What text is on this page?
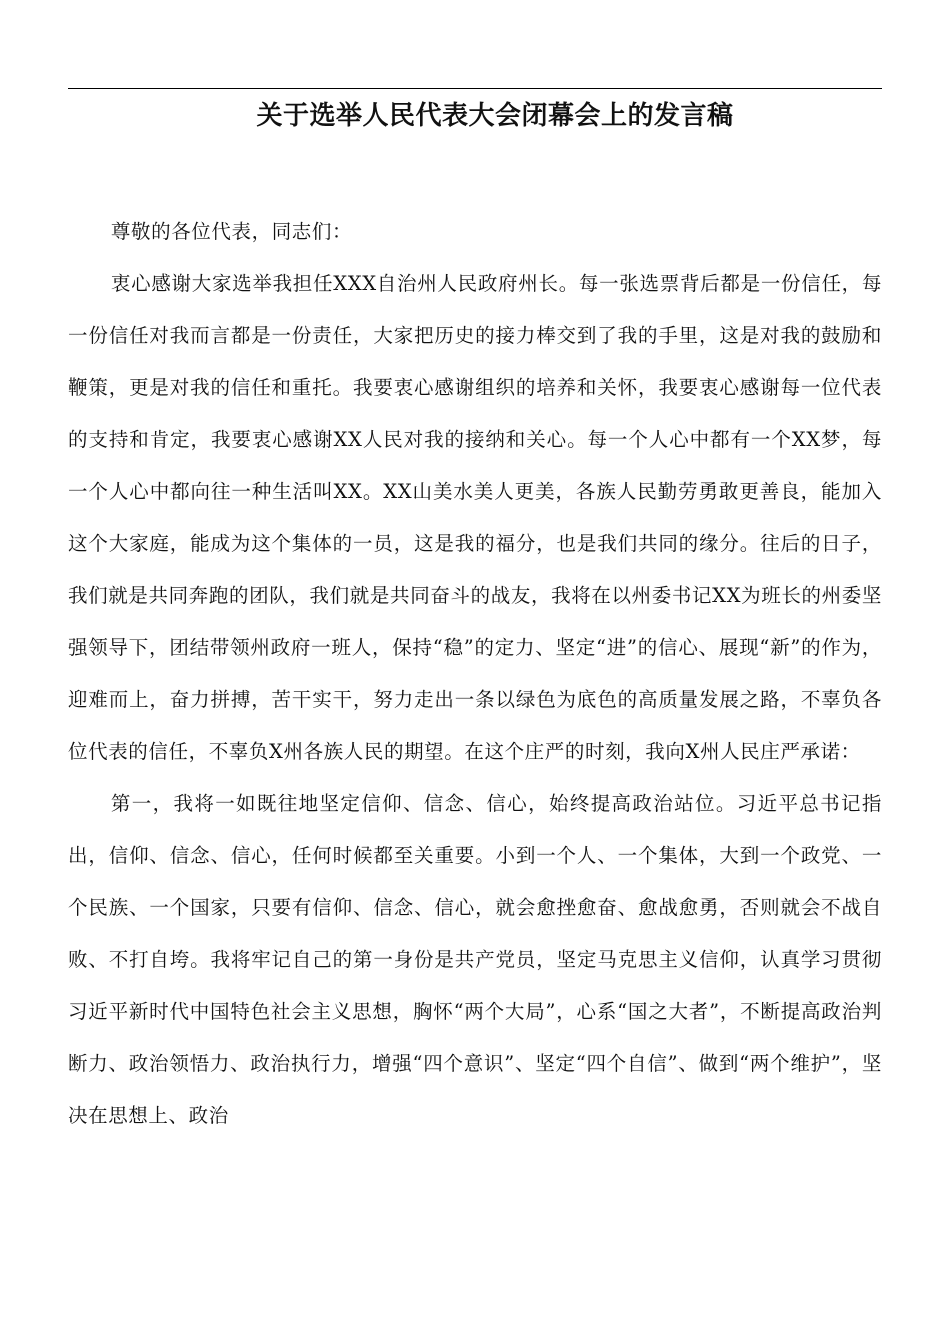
关于选举人民代表大会闭幕会上的发言稿

尊敬的各位代表，同志们：

衷心感谢大家选举我担任XXX自治州人民政府州长。每一张选票背后都是一份信任，每一份信任对我而言都是一份责任，大家把历史的接力棒交到了我的手里，这是对我的鼓励和鞭策，更是对我的信任和重托。我要衷心感谢组织的培养和关怀，我要衷心感谢每一位代表的支持和肯定，我要衷心感谢XX人民对我的接纳和关心。每一个人心中都有一个XX梦，每一个人心中都向往一种生活叫XX。XX山美水美人更美，各族人民勤劳勇敢更善良，能加入这个大家庭，能成为这个集体的一员，这是我的福分，也是我们共同的缘分。往后的日子，我们就是共同奔跑的团队，我们就是共同奋斗的战友，我将在以州委书记XX为班长的州委坚强领导下，团结带领州政府一班人，保持“稳”的定力、坚定“进”的信心、展现“新”的作为，迎难而上，奋力拼搏，苦干实干，努力走出一条以绿色为底色的高质量发展之路，不辜负各位代表的信任，不辜负X州各族人民的期望。在这个庄严的时刻，我向X州人民庄严承诺：

第一，我将一如既往地坚定信仰、信念、信心，始终提高政治站位。习近平总书记指出，信仰、信念、信心，任何时候都至关重要。小到一个人、一个集体，大到一个政党、一个民族、一个国家，只要有信仰、信念、信心，就会愈挫愈奋、愈战愈勇，否则就会不战自败、不打自垮。我将牢记自己的第一身份是共产党员，坚定马克思主义信仰，认真学习贯彻习近平新时代中国特色社会主义思想，胸怀“两个大局”，心系“国之大者”，不断提高政治判断力、政治领悟力、政治执行力，增强“四个意识”、坚定“四个自信”、做到“两个维护”，坚决在思想上、政治
